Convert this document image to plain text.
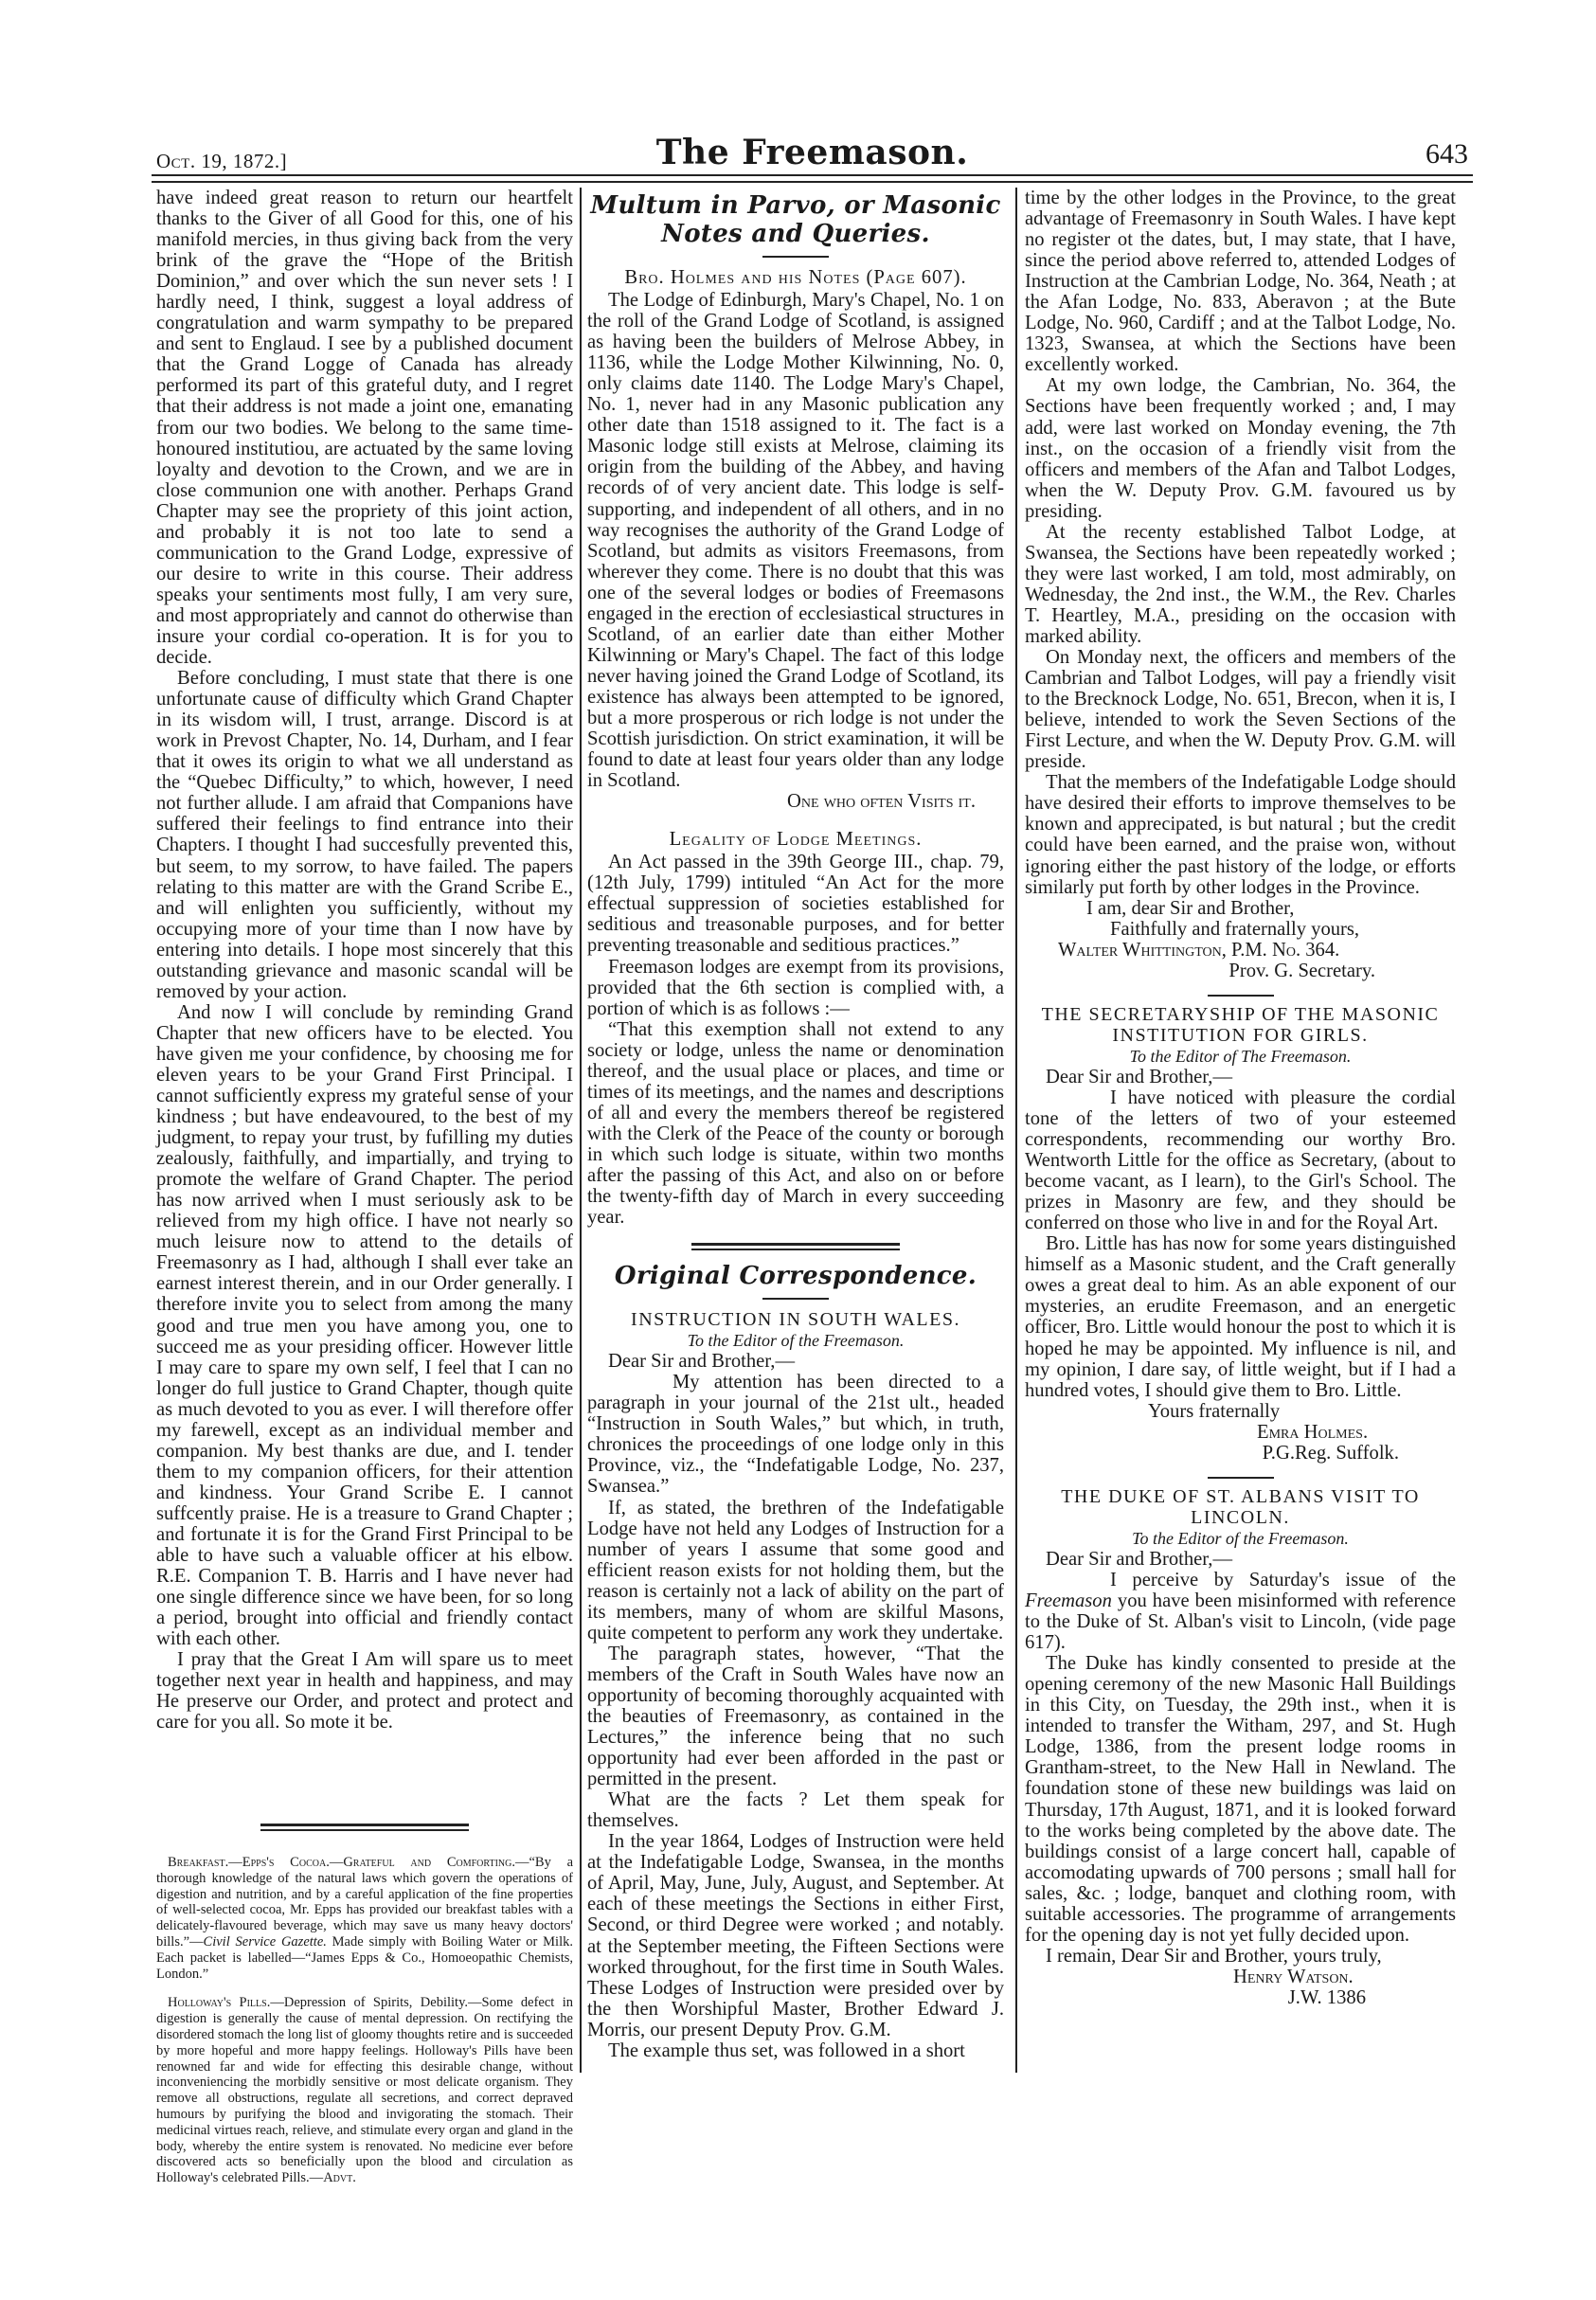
Oct. 19, 1872.]	The Freemason.	643

have indeed great reason to return our heartfelt thanks to the Giver of all Good for this, one of his manifold mercies, in thus giving back from the very brink of the grave the “Hope of the British Dominion,” and over which the sun never sets ! I hardly need, I think, suggest a loyal address of congratulation and warm sympathy to be prepared and sent to Englaud. I see by a published document that the Grand Logge of Canada has already performed its part of this grateful duty, and I regret that their address is not made a joint one, emanating from our two bodies. We belong to the same time-honoured institutiou, are actuated by the same loving loyalty and devotion to the Crown, and we are in close communion one with another. Perhaps Grand Chapter may see the propriety of this joint action, and probably it is not too late to send a communication to the Grand Lodge, expressive of our desire to write in this course. Their address speaks your sentiments most fully, I am very sure, and most appropriately and cannot do otherwise than insure your cordial co-operation. It is for you to decide.

Before concluding, I must state that there is one unfortunate cause of difficulty which Grand Chapter in its wisdom will, I trust, arrange. Discord is at work in Prevost Chapter, No. 14, Durham, and I fear that it owes its origin to what we all understand as the “Quebec Difficulty,” to which, however, I need not further allude. I am afraid that Companions have suffered their feelings to find entrance into their Chapters. I thought I had succesfully prevented this, but seem, to my sorrow, to have failed. The papers relating to this matter are with the Grand Scribe E., and will enlighten you sufficiently, without my occupying more of your time than I now have by entering into details. I hope most sincerely that this outstanding grievance and masonic scandal will be removed by your action.

And now I will conclude by reminding Grand Chapter that new officers have to be elected. You have given me your confidence, by choosing me for eleven years to be your Grand First Principal. I cannot sufficiently express my grateful sense of your kindness ; but have endeavoured, to the best of my judgment, to repay your trust, by fufilling my duties zealously, faithfully, and impartially, and trying to promote the welfare of Grand Chapter. The period has now arrived when I must seriously ask to be relieved from my high office. I have not nearly so much leisure now to attend to the details of Freemasonry as I had, although I shall ever take an earnest interest therein, and in our Order generally. I therefore invite you to select from among the many good and true men you have among you, one to succeed me as your presiding officer. However little I may care to spare my own self, I feel that I can no longer do full justice to Grand Chapter, though quite as much devoted to you as ever. I will therefore offer my farewell, except as an individual member and companion. My best thanks are due, and I. tender them to my companion officers, for their attention and kindness. Your Grand Scribe E. I cannot suffcently praise. He is a treasure to Grand Chapter ; and fortunate it is for the Grand First Principal to be able to have such a valuable officer at his elbow. R.E. Companion T. B. Harris and I have never had one single difference since we have been, for so long a period, brought into official and friendly contact with each other.

I pray that the Great I Am will spare us to meet together next year in health and happiness, and may He preserve our Order, and protect and protect and care for you all. So mote it be.

Breakfast.—Epps's Cocoa.—Grateful and Comforting.—“By a thorough knowledge of the natural laws which govern the operations of digestion and nutrition, and by a careful application of the fine properties of well-selected cocoa, Mr. Epps has provided our breakfast tables with a delicately-flavoured beverage, which may save us many heavy doctors' bills.”—Civil Service Gazette. Made simply with Boiling Water or Milk. Each packet is labelled—“James Epps & Co., Homoeopathic Chemists, London.”

Holloway's Pills.—Depression of Spirits, Debility.—Some defect in digestion is generally the cause of mental depression. On rectifying the disordered stomach the long list of gloomy thoughts retire and is succeeded by more hopeful and more happy feelings. Holloway's Pills have been renowned far and wide for effecting this desirable change, without inconveniencing the morbidly sensitive or most delicate organism. They remove all obstructions, regulate all secretions, and correct depraved humours by purifying the blood and invigorating the stomach. Their medicinal virtues reach, relieve, and stimulate every organ and gland in the body, whereby the entire system is renovated. No medicine ever before discovered acts so beneficially upon the blood and circulation as Holloway's celebrated Pills.—Advt.

Multum in Parvo, or Masonic Notes and Queries.

Bro. Holmes and his Notes (Page 607).

The Lodge of Edinburgh, Mary's Chapel, No. 1 on the roll of the Grand Lodge of Scotland, is assigned as having been the builders of Melrose Abbey, in 1136, while the Lodge Mother Kilwinning, No. 0, only claims date 1140. The Lodge Mary's Chapel, No. 1, never had in any Masonic publication any other date than 1518 assigned to it. The fact is a Masonic lodge still exists at Melrose, claiming its origin from the building of the Abbey, and having records of of very ancient date. This lodge is self-supporting, and independent of all others, and in no way recognises the authority of the Grand Lodge of Scotland, but admits as visitors Freemasons, from wherever they come. There is no doubt that this was one of the several lodges or bodies of Freemasons engaged in the erection of ecclesiastical structures in Scotland, of an earlier date than either Mother Kilwinning or Mary's Chapel. The fact of this lodge never having joined the Grand Lodge of Scotland, its existence has always been attempted to be ignored, but a more prosperous or rich lodge is not under the Scottish jurisdiction. On strict examination, it will be found to date at least four years older than any lodge in Scotland.

One who often Visits it.

Legality of Lodge Meetings.

An Act passed in the 39th George III., chap. 79, (12th July, 1799) intituled “An Act for the more effectual suppression of societies established for seditious and treasonable purposes, and for better preventing treasonable and seditious practices.”

Freemason lodges are exempt from its provisions, provided that the 6th section is complied with, a portion of which is as follows :—

“That this exemption shall not extend to any society or lodge, unless the name or denomination thereof, and the usual place or places, and time or times of its meetings, and the names and descriptions of all and every the members thereof be registered with the Clerk of the Peace of the county or borough in which such lodge is situate, within two months after the passing of this Act, and also on or before the twenty-fifth day of March in every succeeding year.

Original Correspondence.

INSTRUCTION IN SOUTH WALES.

To the Editor of the Freemason.

Dear Sir and Brother,—

My attention has been directed to a paragraph in your journal of the 21st ult., headed “Instruction in South Wales,” but which, in truth, chronices the proceedings of one lodge only in this Province, viz., the “Indefatigable Lodge, No. 237, Swansea.”

If, as stated, the brethren of the Indefatigable Lodge have not held any Lodges of Instruction for a number of years I assume that some good and efficient reason exists for not holding them, but the reason is certainly not a lack of ability on the part of its members, many of whom are skilful Masons, quite competent to perform any work they undertake.

The paragraph states, however, “That the members of the Craft in South Wales have now an opportunity of becoming thoroughly acquainted with the beauties of Freemasonry, as contained in the Lectures,” the inference being that no such opportunity had ever been afforded in the past or permitted in the present.

What are the facts ? Let them speak for themselves.

In the year 1864, Lodges of Instruction were held at the Indefatigable Lodge, Swansea, in the months of April, May, June, July, August, and September. At each of these meetings the Sections in either First, Second, or third Degree were worked ; and notably. at the September meeting, the Fifteen Sections were worked throughout, for the first time in South Wales. These Lodges of Instruction were presided over by the then Worshipful Master, Brother Edward J. Morris, our present Deputy Prov. G.M.

The example thus set, was followed in a short

time by the other lodges in the Province, to the great advantage of Freemasonry in South Wales. I have kept no register ot the dates, but, I may state, that I have, since the period above referred to, attended Lodges of Instruction at the Cambrian Lodge, No. 364, Neath ; at the Afan Lodge, No. 833, Aberavon ; at the Bute Lodge, No. 960, Cardiff ; and at the Talbot Lodge, No. 1323, Swansea, at which the Sections have been excellently worked.

At my own lodge, the Cambrian, No. 364, the Sections have been frequently worked ; and, I may add, were last worked on Monday evening, the 7th inst., on the occasion of a friendly visit from the officers and members of the Afan and Talbot Lodges, when the W. Deputy Prov. G.M. favoured us by presiding.

At the recenty established Talbot Lodge, at Swansea, the Sections have been repeatedly worked ; they were last worked, I am told, most admirably, on Wednesday, the 2nd inst., the W.M., the Rev. Charles T. Heartley, M.A., presiding on the occasion with marked ability.

On Monday next, the officers and members of the Cambrian and Talbot Lodges, will pay a friendly visit to the Brecknock Lodge, No. 651, Brecon, when it is, I believe, intended to work the Seven Sections of the First Lecture, and when the W. Deputy Prov. G.M. will preside.

That the members of the Indefatigable Lodge should have desired their efforts to improve themselves to be known and apprecipated, is but natural ; but the credit could have been earned, and the praise won, without ignoring either the past history of the lodge, or efforts similarly put forth by other lodges in the Province.

I am, dear Sir and Brother,

Faithfully and fraternally yours,

Walter Whittington, P.M. No. 364.

Prov. G. Secretary.

THE SECRETARYSHIP OF THE MASONIC INSTITUTION FOR GIRLS.

To the Editor of The Freemason.

Dear Sir and Brother,—

I have noticed with pleasure the cordial tone of the letters of two of your esteemed correspondents, recommending our worthy Bro. Wentworth Little for the office as Secretary, (about to become vacant, as I learn), to the Girl's School. The prizes in Masonry are few, and they should be conferred on those who live in and for the Royal Art.

Bro. Little has has now for some years distinguished himself as a Masonic student, and the Craft generally owes a great deal to him. As an able exponent of our mysteries, an erudite Freemason, and an energetic officer, Bro. Little would honour the post to which it is hoped he may be appointed. My influence is nil, and my opinion, I dare say, of little weight, but if I had a hundred votes, I should give them to Bro. Little.

Yours fraternally

Emra Holmes.

P.G.Reg. Suffolk.

THE DUKE OF ST. ALBANS VISIT TO LINCOLN.

To the Editor of the Freemason.

Dear Sir and Brother,—

I perceive by Saturday's issue of the Freemason you have been misinformed with reference to the Duke of St. Alban's visit to Lincoln, (vide page 617).

The Duke has kindly consented to preside at the opening ceremony of the new Masonic Hall Buildings in this City, on Tuesday, the 29th inst., when it is intended to transfer the Witham, 297, and St. Hugh Lodge, 1386, from the present lodge rooms in Grantham-street, to the New Hall in Newland. The foundation stone of these new buildings was laid on Thursday, 17th August, 1871, and it is looked forward to the works being completed by the above date. The buildings consist of a large concert hall, capable of accomodating upwards of 700 persons ; small hall for sales, &c. ; lodge, banquet and clothing room, with suitable accessories. The programme of arrangements for the opening day is not yet fully decided upon.

I remain, Dear Sir and Brother, yours truly,

Henry Watson.

J.W. 1386
